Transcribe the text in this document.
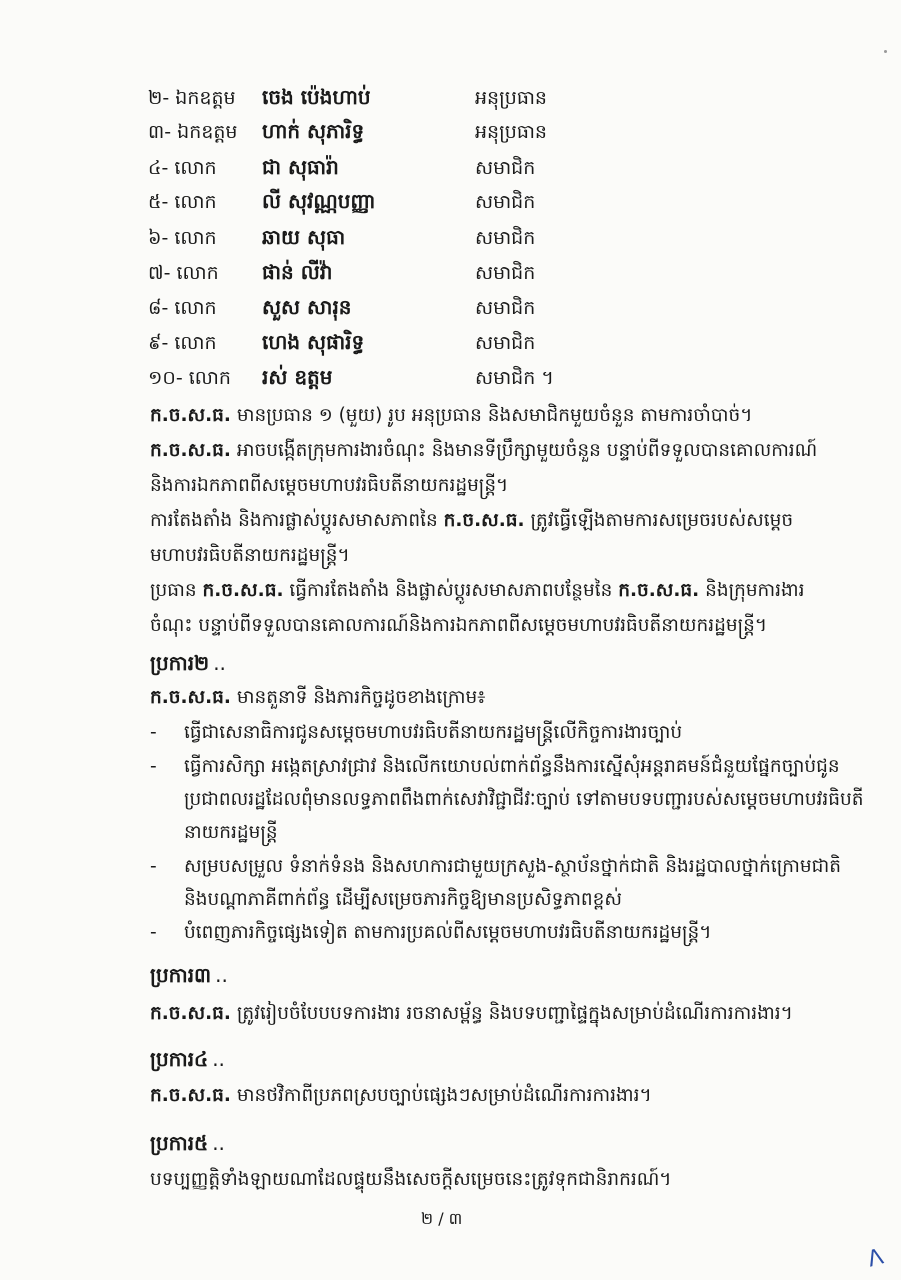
២- ឯកឧត្តម ចេង ប៉េងហាប់	អនុប្រធាន
៣- ឯកឧត្តម ហាក់ សុភារិទ្ធ	អនុប្រធាន
៤- លោក ជា សុធារ៉ា	សមាជិក
៥- លោក លី សុវណ្ណបញ្ញា	សមាជិក
៦- លោក ឆាយ សុធា	សមាជិក
៧- លោក ផាន់ លីវ៉ា	សមាជិក
៨- លោក សួស សារុន	សមាជិក
៩- លោក ហេង សុផារិទ្ធ	សមាជិក
១០- លោក រស់ ឧត្តម	សមាជិក ។
ក.ច.ស.ធ. មានប្រធាន ១ (មួយ) រូប អនុប្រធាន និងសមាជិកមួយចំនួន តាមការចាំបាច់។
ក.ច.ស.ធ. អាចបង្កើតក្រុមការងារចំណុះ និងមានទីប្រឹក្សាមួយចំនួន បន្ទាប់ពីទទួលបានគោលការណ៍ និងការឯកភាពពីសម្តេចមហាបវរធិបតីនាយករដ្ឋមន្ត្រី។
ការតែងតាំង និងការផ្លាស់ប្តូរសមាសភាពនៃ ក.ច.ស.ធ. ត្រូវធ្វើឡើងតាមការសម្រេចរបស់សម្តេចមហាបវរធិបតីនាយករដ្ឋមន្ត្រី។
ប្រធាន ក.ច.ស.ធ. ធ្វើការតែងតាំង និងផ្លាស់ប្តូរសមាសភាពបន្ថែមនៃ ក.ច.ស.ធ. និងក្រុមការងារចំណុះ បន្ទាប់ពីទទួលបានគោលការណ៍និងការឯកភាពពីសម្តេចមហាបវរធិបតីនាយករដ្ឋមន្ត្រី។
ប្រការ២ ..
ក.ច.ស.ធ. មានតួនាទី និងភារកិច្ចដូចខាងក្រោម៖
- ធ្វើជាសេនាធិការជូនសម្តេចមហាបវរធិបតីនាយករដ្ឋមន្ត្រីលើកិច្ចការងារច្បាប់
- ធ្វើការសិក្សា អង្កេតស្រាវជ្រាវ និងលើកយោបល់ពាក់ព័ន្ធនឹងការស្នើសុំអន្តរាគមន៍ជំនួយផ្នែកច្បាប់ជូនប្រជាពលរដ្ឋដែលពុំមានលទ្ធភាពពឹងពាក់សេវាវិជ្ជាជីវៈច្បាប់ ទៅតាមបទបញ្ជារបស់សម្តេចមហាបវរធិបតីនាយករដ្ឋមន្ត្រី
- សម្របសម្រួល ទំនាក់ទំនង និងសហការជាមួយក្រសួង-ស្ថាប័នថ្នាក់ជាតិ និងរដ្ឋបាលថ្នាក់ក្រោមជាតិ និងបណ្តាភាគីពាក់ព័ន្ធ ដើម្បីសម្រេចភារកិច្ចឱ្យមានប្រសិទ្ធភាពខ្ពស់
- បំពេញភារកិច្ចផ្សេងទៀត តាមការប្រគល់ពីសម្តេចមហាបវរធិបតីនាយករដ្ឋមន្ត្រី។
ប្រការ៣ ..
ក.ច.ស.ធ. ត្រូវរៀបចំបែបបទការងារ រចនាសម្ព័ន្ធ និងបទបញ្ជាផ្ទៃក្នុងសម្រាប់ដំណើរការការងារ។
ប្រការ៤ ..
ក.ច.ស.ធ. មានថវិកាពីប្រភពស្របច្បាប់ផ្សេងៗសម្រាប់ដំណើរការការងារ។
ប្រការ៥ ..
បទប្បញ្ញត្តិទាំងឡាយណាដែលផ្ទុយនឹងសេចក្តីសម្រេចនេះត្រូវទុកជានិរាករណ៍។
២ / ៣
ⴷ
